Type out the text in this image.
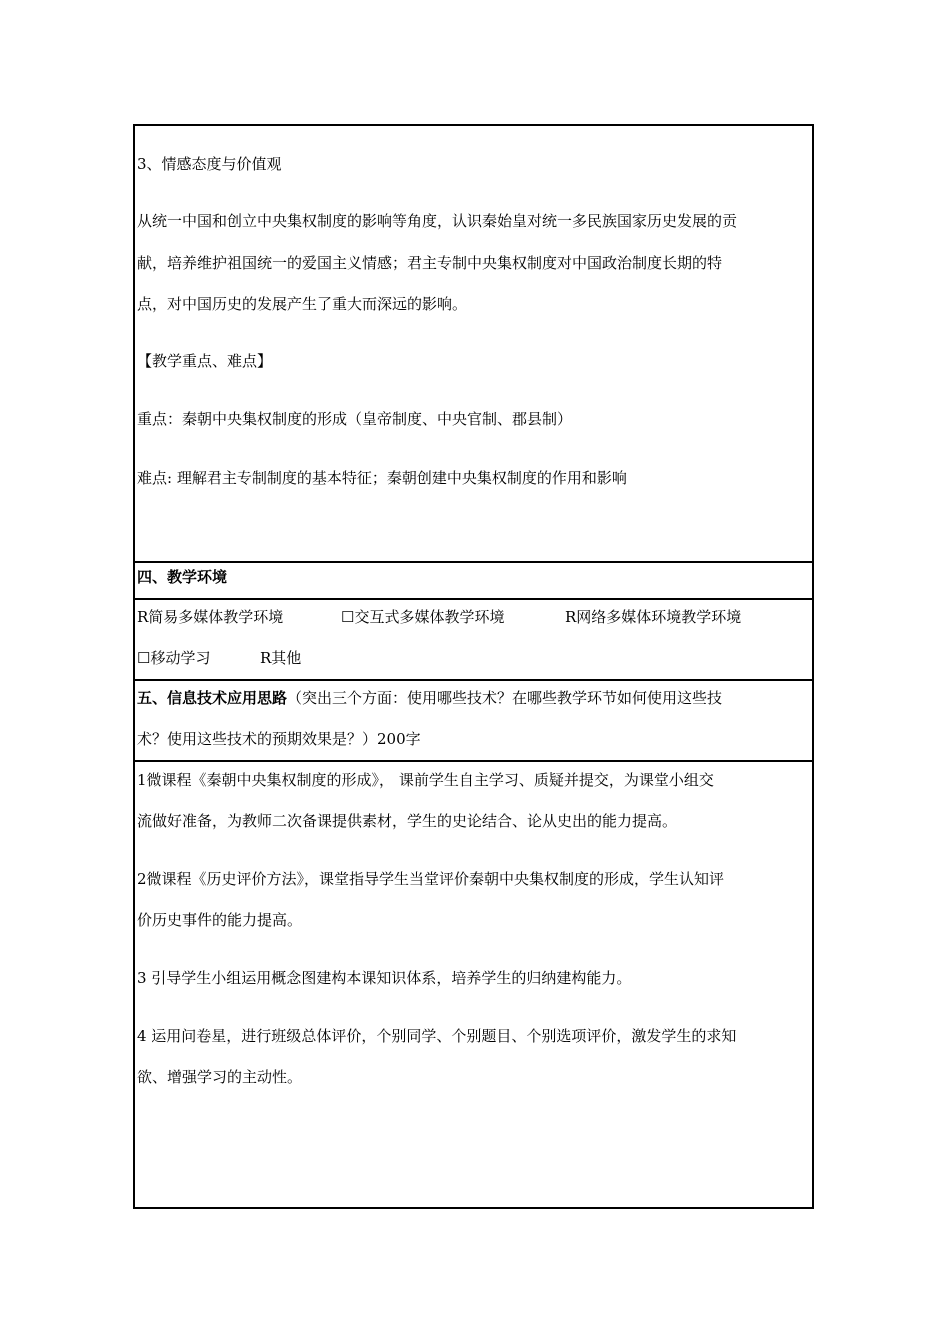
3、情感态度与价值观
从统一中国和创立中央集权制度的影响等角度，认识秦始皇对统一多民族国家历史发展的贡
献，培养维护祖国统一的爱国主义情感；君主专制中央集权制度对中国政治制度长期的特
点，对中国历史的发展产生了重大而深远的影响。
【教学重点、难点】
重点：秦朝中央集权制度的形成（皇帝制度、中央官制、郡县制）
难点: 理解君主专制制度的基本特征；秦朝创建中央集权制度的作用和影响
四、教学环境
R简易多媒体教学环境	☐交互式多媒体教学环境	R网络多媒体环境教学环境
☐移动学习	R其他
五、信息技术应用思路（突出三个方面：使用哪些技术？在哪些教学环节如何使用这些技
术？使用这些技术的预期效果是？）200字
1微课程《秦朝中央集权制度的形成》， 课前学生自主学习、质疑并提交，为课堂小组交
流做好准备，为教师二次备课提供素材，学生的史论结合、论从史出的能力提高。
2微课程《历史评价方法》，课堂指导学生当堂评价秦朝中央集权制度的形成，学生认知评
价历史事件的能力提高。
3 引导学生小组运用概念图建构本课知识体系，培养学生的归纳建构能力。
4 运用问卷星，进行班级总体评价，个别同学、个别题目、个别选项评价，激发学生的求知
欲、增强学习的主动性。
